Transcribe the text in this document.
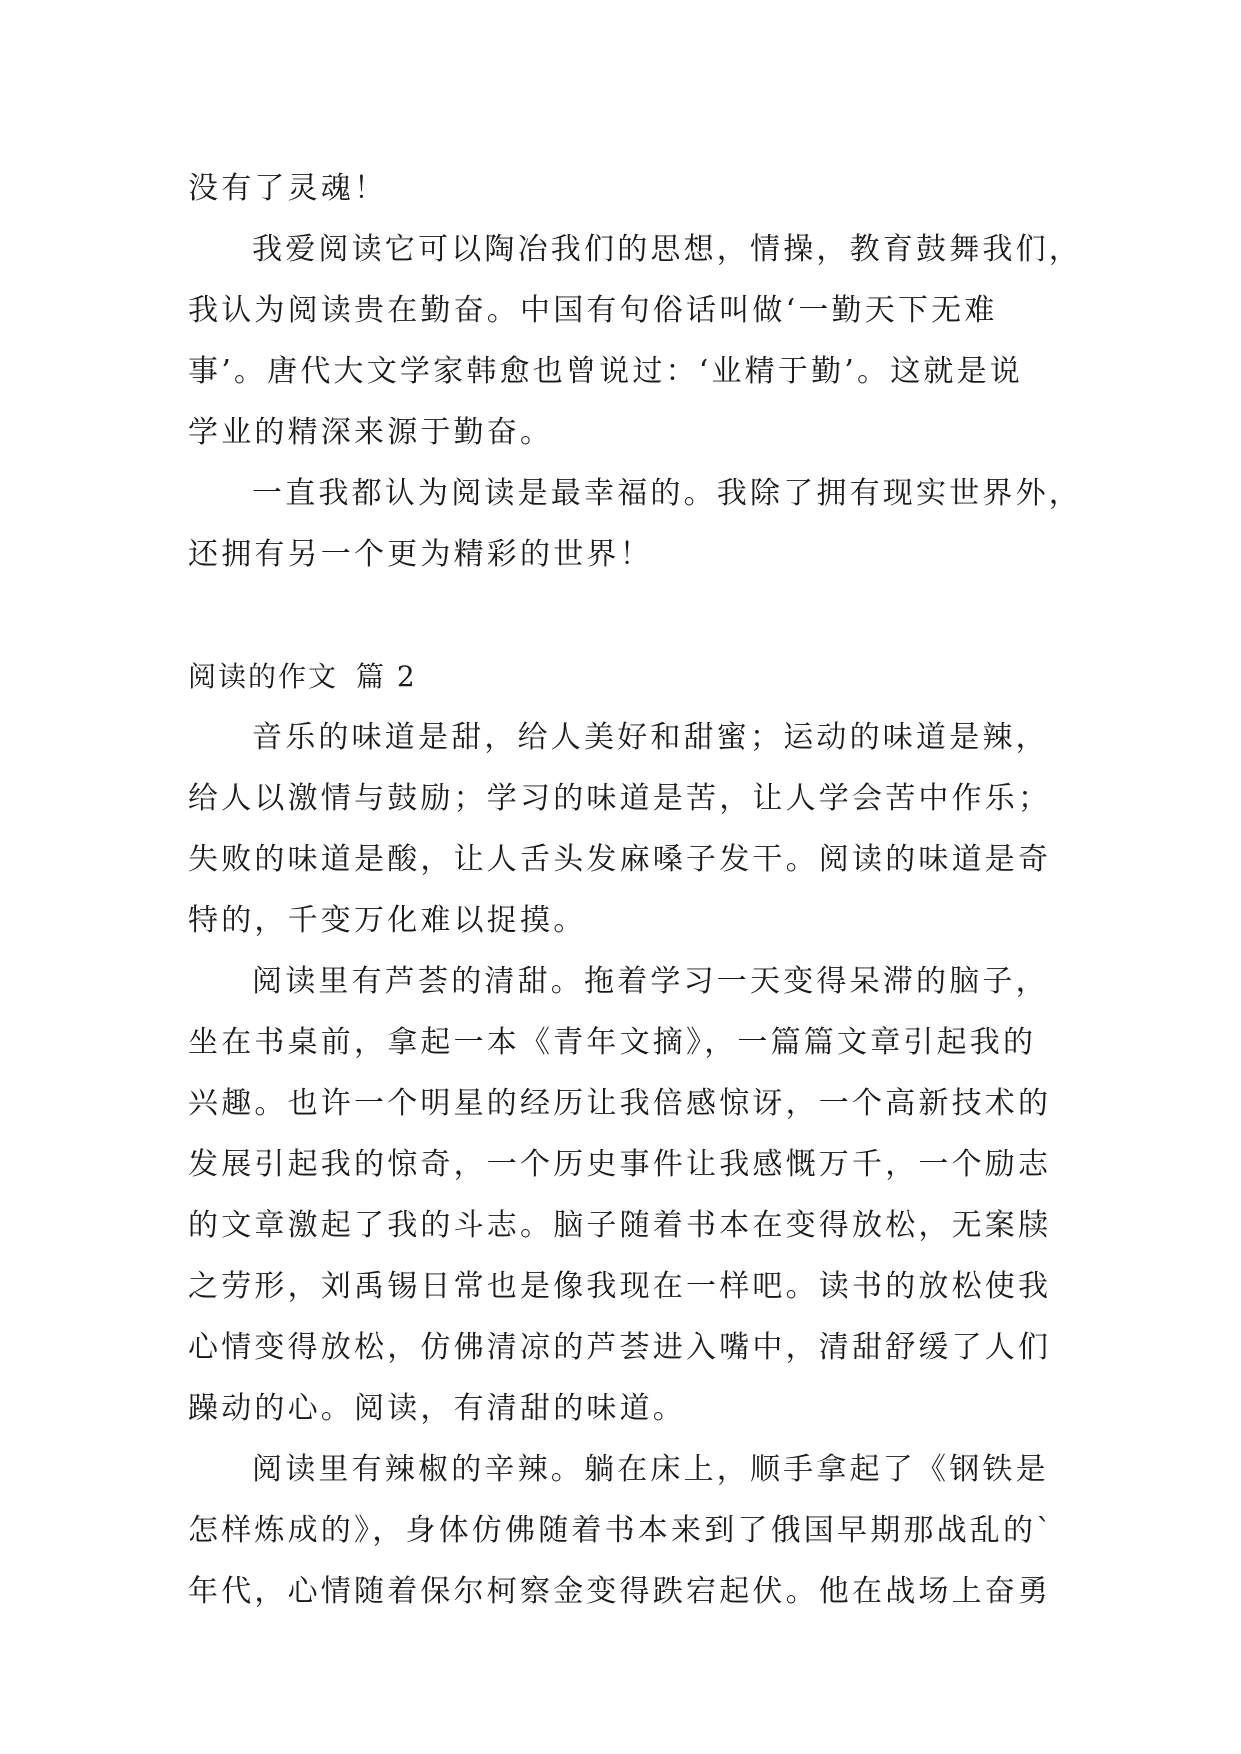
没有了灵魂！
我爱阅读它可以陶冶我们的思想，情操，教育鼓舞我们，
我认为阅读贵在勤奋。中国有句俗话叫做‘一勤天下无难
事’。唐代大文学家韩愈也曾说过：‘业精于勤’。这就是说
学业的精深来源于勤奋。
一直我都认为阅读是最幸福的。我除了拥有现实世界外，
还拥有另一个更为精彩的世界！
阅读的作文 篇 2
音乐的味道是甜，给人美好和甜蜜；运动的味道是辣，
给人以激情与鼓励；学习的味道是苦，让人学会苦中作乐；
失败的味道是酸，让人舌头发麻嗓子发干。阅读的味道是奇
特的，千变万化难以捉摸。
阅读里有芦荟的清甜。拖着学习一天变得呆滞的脑子，
坐在书桌前，拿起一本《青年文摘》，一篇篇文章引起我的
兴趣。也许一个明星的经历让我倍感惊讶，一个高新技术的
发展引起我的惊奇，一个历史事件让我感慨万千，一个励志
的文章激起了我的斗志。脑子随着书本在变得放松，无案牍
之劳形，刘禹锡日常也是像我现在一样吧。读书的放松使我
心情变得放松，仿佛清凉的芦荟进入嘴中，清甜舒缓了人们
躁动的心。阅读，有清甜的味道。
阅读里有辣椒的辛辣。躺在床上，顺手拿起了《钢铁是
怎样炼成的》，身体仿佛随着书本来到了俄国早期那战乱的`
年代，心情随着保尔柯察金变得跌宕起伏。他在战场上奋勇
